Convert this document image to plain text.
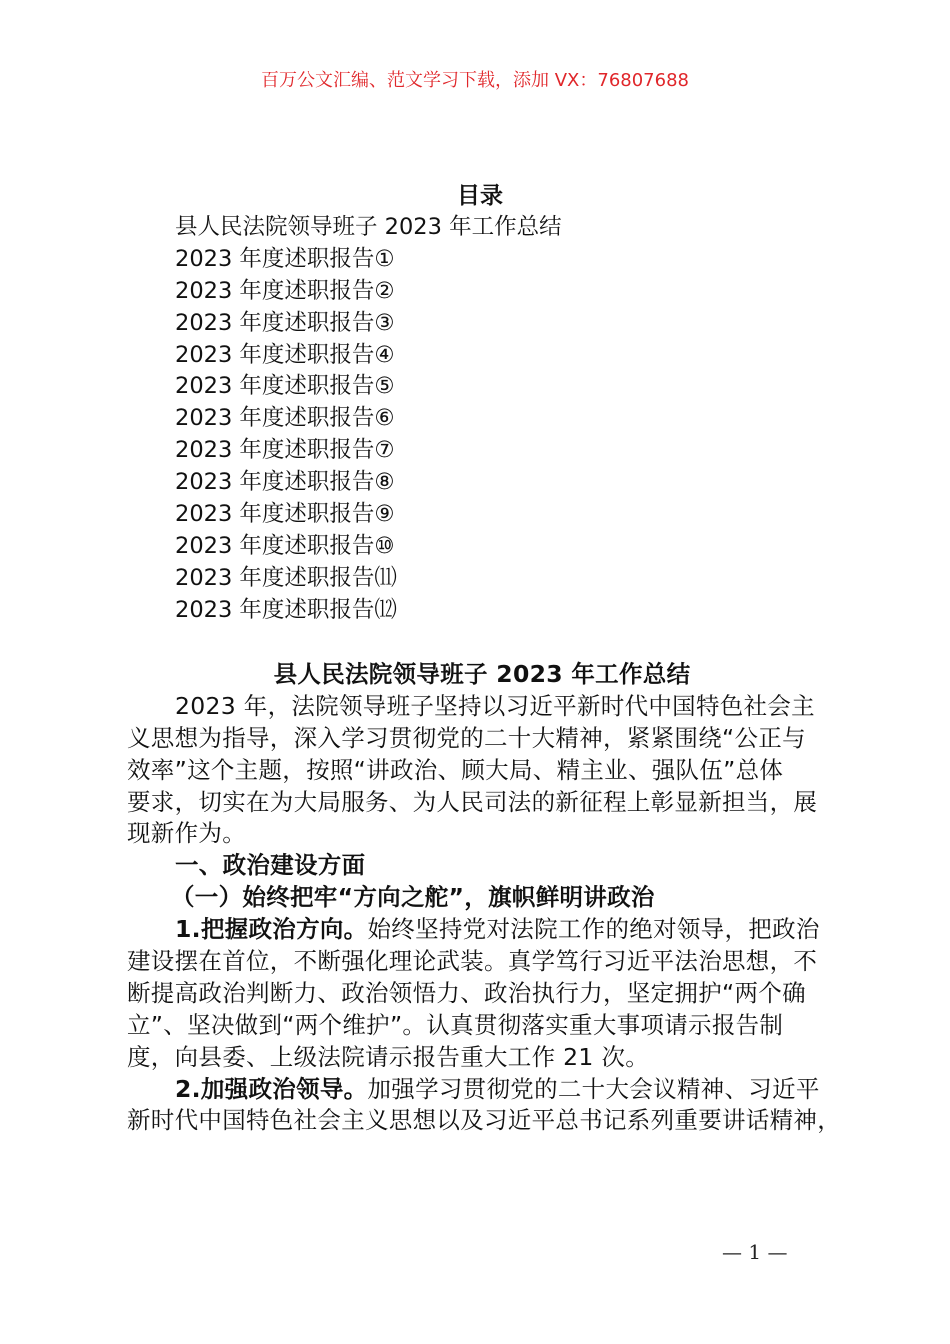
百万公文汇编、范文学习下载，添加 VX：76807688
目录
县人民法院领导班子 2023 年工作总结
2023 年度述职报告①
2023 年度述职报告②
2023 年度述职报告③
2023 年度述职报告④
2023 年度述职报告⑤
2023 年度述职报告⑥
2023 年度述职报告⑦
2023 年度述职报告⑧
2023 年度述职报告⑨
2023 年度述职报告⑩
2023 年度述职报告⑾
2023 年度述职报告⑿
县人民法院领导班子 2023 年工作总结
2023 年，法院领导班子坚持以习近平新时代中国特色社会主
义思想为指导，深入学习贯彻党的二十大精神，紧紧围绕“公正与
效率”这个主题，按照“讲政治、顾大局、精主业、强队伍”总体
要求，切实在为大局服务、为人民司法的新征程上彰显新担当，展
现新作为。
一、政治建设方面
（一）始终把牢“方向之舵”，旗帜鲜明讲政治
1.把握政治方向。始终坚持党对法院工作的绝对领导，把政治
建设摆在首位，不断强化理论武装。真学笃行习近平法治思想，不
断提高政治判断力、政治领悟力、政治执行力，坚定拥护“两个确
立”、坚决做到“两个维护”。认真贯彻落实重大事项请示报告制
度，向县委、上级法院请示报告重大工作 21 次。
2.加强政治领导。加强学习贯彻党的二十大会议精神、习近平
新时代中国特色社会主义思想以及习近平总书记系列重要讲话精神，
— 1 —
